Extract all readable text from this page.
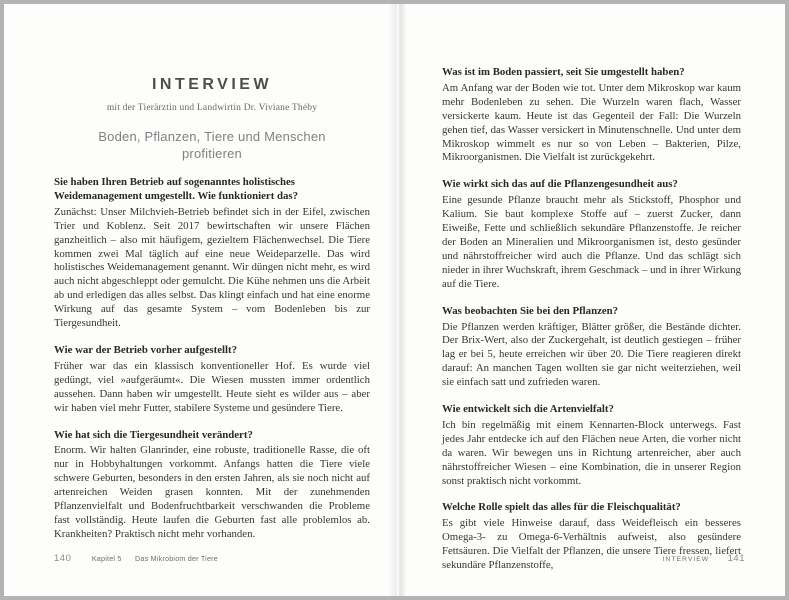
INTERVIEW

mit der Tierärztin und Landwirtin Dr. Viviane Théby

Boden, Pflanzen, Tiere und Menschen profitieren

Sie haben Ihren Betrieb auf sogenanntes holistisches Weidemanagement umgestellt. Wie funktioniert das?

Zunächst: Unser Milchvieh-Betrieb befindet sich in der Eifel, zwischen Trier und Koblenz. Seit 2017 bewirtschaften wir unsere Flächen ganzheitlich – also mit häufigem, gezieltem Flächenwechsel. Die Tiere kommen zwei Mal täglich auf eine neue Weideparzelle. Das wird holistisches Weidemanagement genannt. Wir düngen nicht mehr, es wird auch nicht abgeschleppt oder gemulcht. Die Kühe nehmen uns die Arbeit ab und erledigen das alles selbst. Das klingt einfach und hat eine enorme Wirkung auf das gesamte System – vom Bodenleben bis zur Tiergesundheit.

Wie war der Betrieb vorher aufgestellt?

Früher war das ein klassisch konventioneller Hof. Es wurde viel gedüngt, viel »aufgeräumt«. Die Wiesen mussten immer ordentlich aussehen. Dann haben wir umgestellt. Heute sieht es wilder aus – aber wir haben viel mehr Futter, stabilere Systeme und gesündere Tiere.

Wie hat sich die Tiergesundheit verändert?

Enorm. Wir halten Glanrinder, eine robuste, traditionelle Rasse, die oft nur in Hobbyhaltungen vorkommt. Anfangs hatten die Tiere viele schwere Geburten, besonders in den ersten Jahren, als sie noch nicht auf artenreichen Weiden grasen konnten. Mit der zunehmenden Pflanzenvielfalt und Bodenfruchtbarkeit verschwanden die Probleme fast vollständig. Heute laufen die Geburten fast alle problemlos ab. Krankheiten? Praktisch nicht mehr vorhanden.

140	Kapitel 5 Das Mikrobiom der Tiere

Was ist im Boden passiert, seit Sie umgestellt haben?

Am Anfang war der Boden wie tot. Unter dem Mikroskop war kaum mehr Bodenleben zu sehen. Die Wurzeln waren flach, Wasser versickerte kaum. Heute ist das Gegenteil der Fall: Die Wurzeln gehen tief, das Wasser versickert in Minutenschnelle. Und unter dem Mikroskop wimmelt es nur so von Leben – Bakterien, Pilze, Mikroorganismen. Die Vielfalt ist zurückgekehrt.

Wie wirkt sich das auf die Pflanzengesundheit aus?

Eine gesunde Pflanze braucht mehr als Stickstoff, Phosphor und Kalium. Sie baut komplexe Stoffe auf – zuerst Zucker, dann Eiweiße, Fette und schließlich sekundäre Pflanzenstoffe. Je reicher der Boden an Mineralien und Mikroorganismen ist, desto gesünder und nährstoffreicher wird auch die Pflanze. Und das schlägt sich nieder in ihrer Wuchskraft, ihrem Geschmack – und in ihrer Wirkung auf die Tiere.

Was beobachten Sie bei den Pflanzen?

Die Pflanzen werden kräftiger, Blätter größer, die Bestände dichter. Der Brix-Wert, also der Zuckergehalt, ist deutlich gestiegen – früher lag er bei 5, heute erreichen wir über 20. Die Tiere reagieren direkt darauf: An manchen Tagen wollten sie gar nicht weiterziehen, weil sie einfach satt und zufrieden waren.

Wie entwickelt sich die Artenvielfalt?

Ich bin regelmäßig mit einem Kennarten-Block unterwegs. Fast jedes Jahr entdecke ich auf den Flächen neue Arten, die vorher nicht da waren. Wir bewegen uns in Richtung artenreicher, aber auch nährstoffreicher Wiesen – eine Kombination, die in unserer Region sonst praktisch nicht vorkommt.

Welche Rolle spielt das alles für die Fleischqualität?

Es gibt viele Hinweise darauf, dass Weidefleisch ein besseres Omega-3- zu Omega-6-Verhältnis aufweist, also gesündere Fettsäuren. Die Vielfalt der Pflanzen, die unsere Tiere fressen, liefert sekundäre Pflanzenstoffe,	INTERVIEW 141
